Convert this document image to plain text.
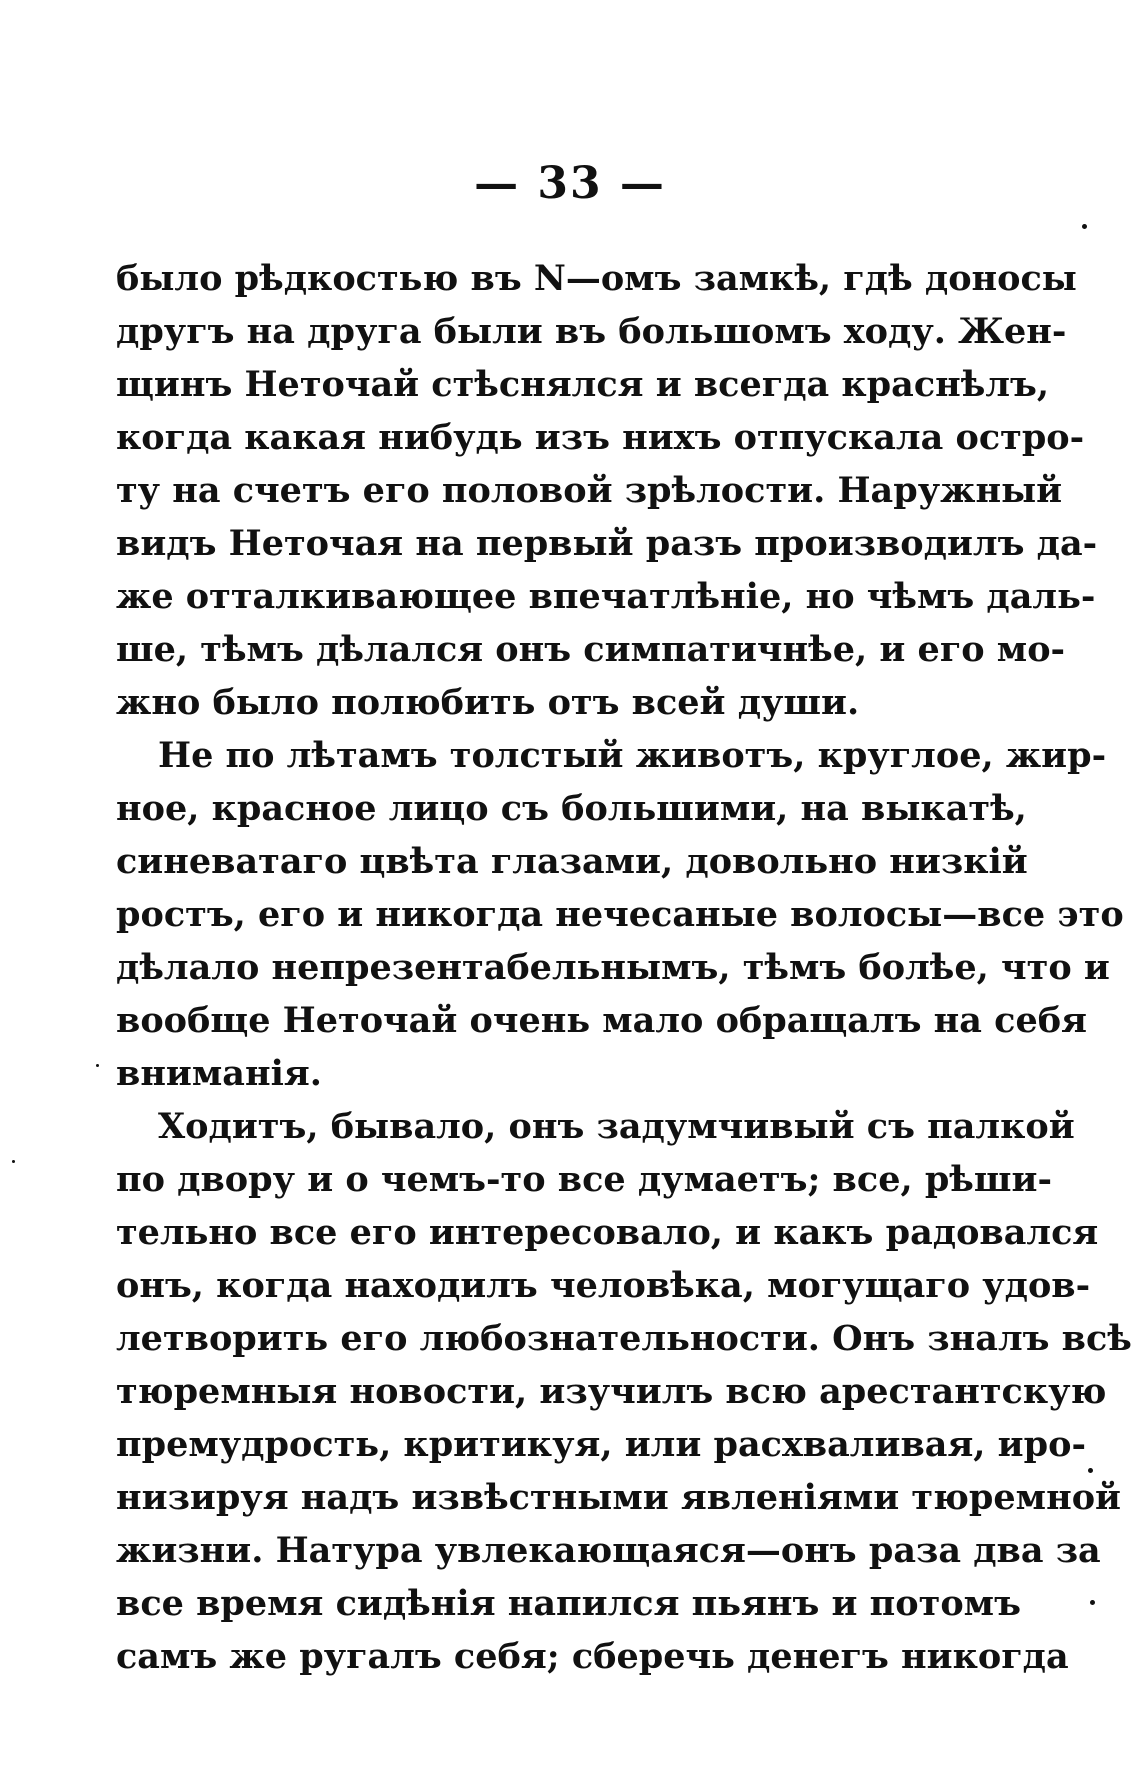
— 33 —
было рѣдкостью въ N—омъ замкѣ, гдѣ доносы
другъ на друга были въ большомъ ходу. Жен-
щинъ Неточай стѣснялся и всегда краснѣлъ,
когда какая нибудь изъ нихъ отпускала остро-
ту на счетъ его половой зрѣлости. Наружный
видъ Неточая на первый разъ производилъ да-
же отталкивающее впечатлѣніе, но чѣмъ даль-
ше, тѣмъ дѣлался онъ симпатичнѣе, и его мо-
жно было полюбить отъ всей души.
Не по лѣтамъ толстый животъ, круглое, жир-
ное, красное лицо съ большими, на выкатѣ,
синеватаго цвѣта глазами, довольно низкій
ростъ, его и никогда нечесаные волосы—все это
дѣлало непрезентабельнымъ, тѣмъ болѣе, что и
вообще Неточай очень мало обращалъ на себя
вниманія.
Ходитъ, бывало, онъ задумчивый съ палкой
по двору и о чемъ-то все думаетъ; все, рѣши-
тельно все его интересовало, и какъ радовался
онъ, когда находилъ человѣка, могущаго удов-
летворить его любознательности. Онъ зналъ всѣ
тюремныя новости, изучилъ всю арестантскую
премудрость, критикуя, или расхваливая, иро-
низируя надъ извѣстными явленіями тюремной
жизни. Натура увлекающаяся—онъ раза два за
все время сидѣнія напился пьянъ и потомъ
самъ же ругалъ себя; сберечь денегъ никогда
